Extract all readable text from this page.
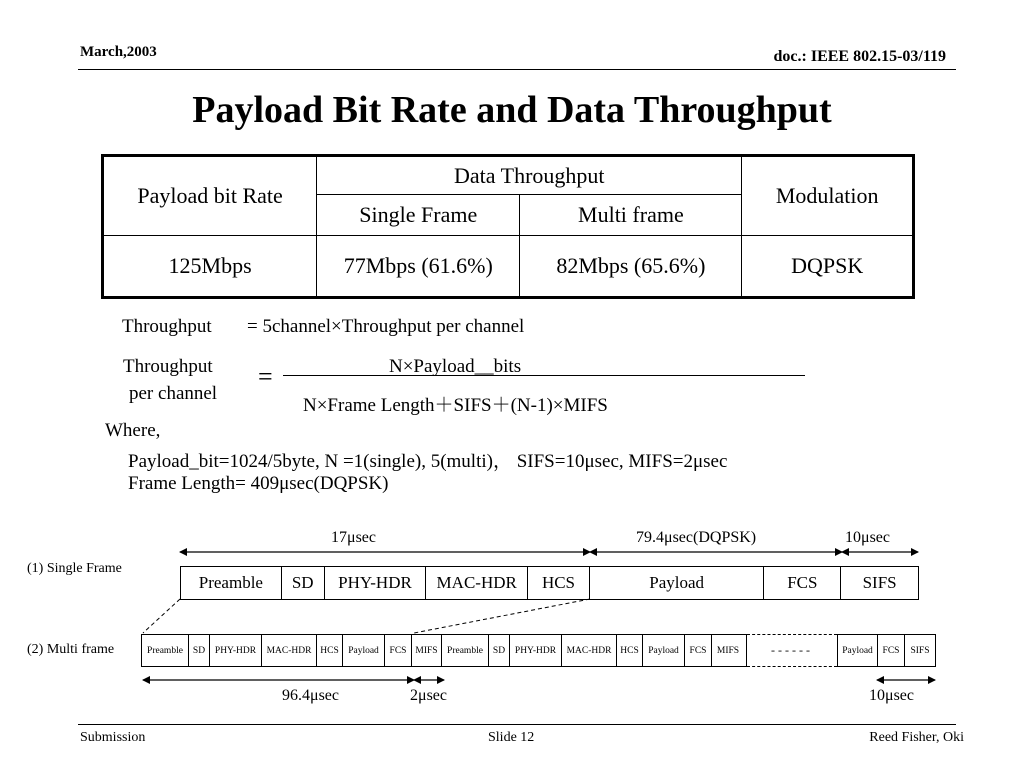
March,2003	doc.: IEEE 802.15-03/119
Payload Bit Rate and Data Throughput
Payload bit Rate	Data Throughput		Modulation
	Single Frame	Multi frame	
125Mbps	77Mbps (61.6%)	82Mbps (65.6%)	DQPSK
Throughput = 5channel×Throughput per channel
Throughput
per channel
=	N×Payload__bits
N×Frame Length＋SIFS＋(N-1)×MIFS
Where,
Payload_bit=1024/5byte, N =1(single), 5(multi)， SIFS=10μsec, MIFS=2μsec
Frame Length= 409μsec(DQPSK)
17μsec	79.4μsec(DQPSK)	10μsec
(1) Single Frame
(2) Multi frame
Preamble	SD	PHY-HDR	MAC-HDR	HCS	Payload	FCS	SIFS
Preamble	SD	PHY-HDR	MAC-HDR HCS Payload	FCS MIFS Preamble	SD	PHY-HDR	MAC-HDR HCS Payload	FCS	MIFS	------	Payload	FCS	SIFS
96.4μsec	2μsec	10μsec
Submission	Slide 12	Reed Fisher, Oki
